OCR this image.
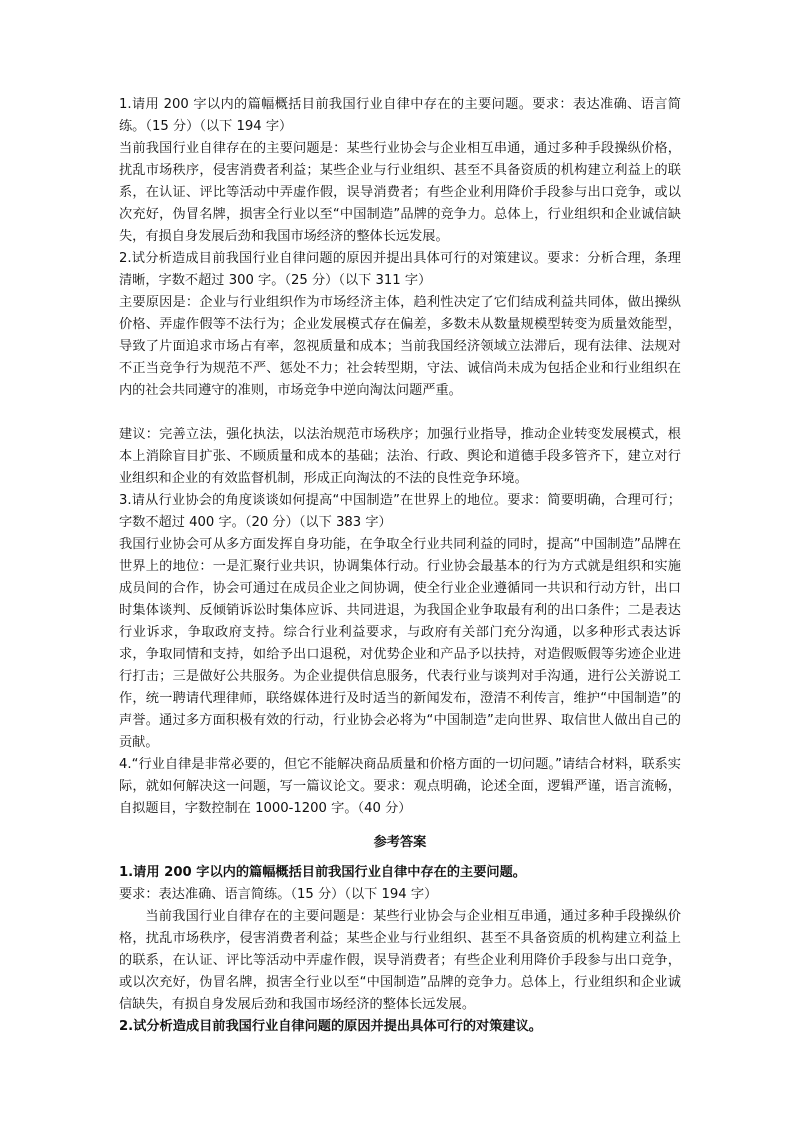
1.请用 200 字以内的篇幅概括目前我国行业自律中存在的主要问题。要求：表达准确、语言简练。（15 分）（以下 194 字）

当前我国行业自律存在的主要问题是：某些行业协会与企业相互串通，通过多种手段操纵价格，扰乱市场秩序，侵害消费者利益；某些企业与行业组织、甚至不具备资质的机构建立利益上的联系，在认证、评比等活动中弄虚作假，误导消费者；有些企业利用降价手段参与出口竞争，或以次充好，伪冒名牌，损害全行业以至“中国制造”品牌的竞争力。总体上，行业组织和企业诚信缺失，有损自身发展后劲和我国市场经济的整体长远发展。

2.试分析造成目前我国行业自律问题的原因并提出具体可行的对策建议。要求：分析合理，条理清晰，字数不超过 300 字。（25 分）（以下 311 字）

主要原因是：企业与行业组织作为市场经济主体，趋利性决定了它们结成利益共同体，做出操纵价格、弄虚作假等不法行为；企业发展模式存在偏差，多数未从数量规模型转变为质量效能型，导致了片面追求市场占有率，忽视质量和成本；当前我国经济领域立法滞后，现有法律、法规对不正当竞争行为规范不严、惩处不力；社会转型期，守法、诚信尚未成为包括企业和行业组织在内的社会共同遵守的准则，市场竞争中逆向淘汰问题严重。

建议：完善立法，强化执法，以法治规范市场秩序；加强行业指导，推动企业转变发展模式，根本上消除盲目扩张、不顾质量和成本的基础；法治、行政、舆论和道德手段多管齐下，建立对行业组织和企业的有效监督机制，形成正向淘汰的不法的良性竞争环境。

3.请从行业协会的角度谈谈如何提高“中国制造”在世界上的地位。要求：简要明确，合理可行；字数不超过 400 字。（20 分）（以下 383 字）

我国行业协会可从多方面发挥自身功能，在争取全行业共同利益的同时，提高“中国制造”品牌在世界上的地位：一是汇聚行业共识，协调集体行动。行业协会最基本的行为方式就是组织和实施成员间的合作，协会可通过在成员企业之间协调，使全行业企业遵循同一共识和行动方针，出口时集体谈判、反倾销诉讼时集体应诉、共同进退，为我国企业争取最有利的出口条件；二是表达行业诉求，争取政府支持。综合行业利益要求，与政府有关部门充分沟通，以多种形式表达诉求，争取同情和支持，如给予出口退税，对优势企业和产品予以扶持，对造假贩假等劣迹企业进行打击；三是做好公共服务。为企业提供信息服务，代表行业与谈判对手沟通，进行公关游说工作，统一聘请代理律师，联络媒体进行及时适当的新闻发布，澄清不利传言，维护“中国制造”的声誉。通过多方面积极有效的行动，行业协会必将为“中国制造”走向世界、取信世人做出自己的贡献。

4.“行业自律是非常必要的，但它不能解决商品质量和价格方面的一切问题。”请结合材料，联系实际，就如何解决这一问题，写一篇议论文。要求：观点明确，论述全面，逻辑严谨，语言流畅，自拟题目，字数控制在 1000-1200 字。（40 分）

参考答案

1.请用 200 字以内的篇幅概括目前我国行业自律中存在的主要问题。

要求：表达准确、语言简练。（15 分）（以下 194 字）

当前我国行业自律存在的主要问题是：某些行业协会与企业相互串通，通过多种手段操纵价格，扰乱市场秩序，侵害消费者利益；某些企业与行业组织、甚至不具备资质的机构建立利益上的联系，在认证、评比等活动中弄虚作假，误导消费者；有些企业利用降价手段参与出口竞争，或以次充好，伪冒名牌，损害全行业以至“中国制造”品牌的竞争力。总体上，行业组织和企业诚信缺失，有损自身发展后劲和我国市场经济的整体长远发展。

2.试分析造成目前我国行业自律问题的原因并提出具体可行的对策建议。
